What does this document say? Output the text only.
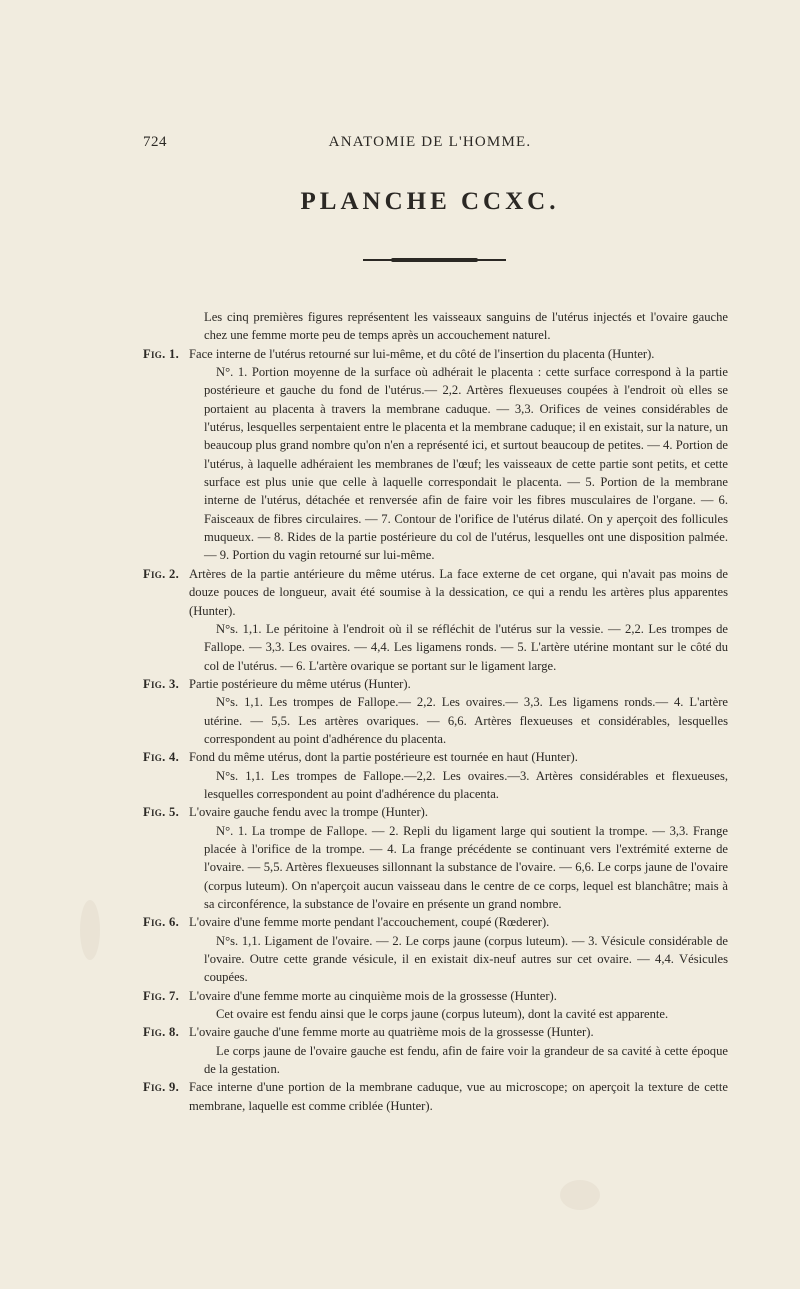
724	ANATOMIE DE L'HOMME.
PLANCHE CCXC.
Les cinq premières figures représentent les vaisseaux sanguins de l'utérus injectés et l'ovaire gauche chez une femme morte peu de temps après un accouchement naturel.
Fig. 1. Face interne de l'utérus retourné sur lui-même, et du côté de l'insertion du placenta (Hunter).
N°. 1. Portion moyenne de la surface où adhérait le placenta : cette surface correspond à la partie postérieure et gauche du fond de l'utérus.— 2,2. Artères flexueuses coupées à l'endroit où elles se portaient au placenta à travers la membrane caduque. — 3,3. Orifices de veines considérables de l'utérus, lesquelles serpentaient entre le placenta et la membrane caduque; il en existait, sur la nature, un beaucoup plus grand nombre qu'on n'en a représenté ici, et surtout beaucoup de petites. — 4. Portion de l'utérus, à laquelle adhéraient les membranes de l'œuf; les vaisseaux de cette partie sont petits, et cette surface est plus unie que celle à laquelle correspondait le placenta. — 5. Portion de la membrane interne de l'utérus, détachée et renversée afin de faire voir les fibres musculaires de l'organe. — 6. Faisceaux de fibres circulaires. — 7. Contour de l'orifice de l'utérus dilaté. On y aperçoit des follicules muqueux. — 8. Rides de la partie postérieure du col de l'utérus, lesquelles ont une disposition palmée. — 9. Portion du vagin retourné sur lui-même.
Fig. 2. Artères de la partie antérieure du même utérus. La face externe de cet organe, qui n'avait pas moins de douze pouces de longueur, avait été soumise à la dessication, ce qui a rendu les artères plus apparentes (Hunter).
N°s. 1,1. Le péritoine à l'endroit où il se réfléchit de l'utérus sur la vessie. — 2,2. Les trompes de Fallope. — 3,3. Les ovaires. — 4,4. Les ligamens ronds. — 5. L'artère utérine montant sur le côté du col de l'utérus. — 6. L'artère ovarique se portant sur le ligament large.
Fig. 3. Partie postérieure du même utérus (Hunter).
N°s. 1,1. Les trompes de Fallope.— 2,2. Les ovaires.— 3,3. Les ligamens ronds.— 4. L'artère utérine. — 5,5. Les artères ovariques. — 6,6. Artères flexueuses et considérables, lesquelles correspondent au point d'adhérence du placenta.
Fig. 4. Fond du même utérus, dont la partie postérieure est tournée en haut (Hunter).
N°s. 1,1. Les trompes de Fallope.—2,2. Les ovaires.—3. Artères considérables et flexueuses, lesquelles correspondent au point d'adhérence du placenta.
Fig. 5. L'ovaire gauche fendu avec la trompe (Hunter).
N°. 1. La trompe de Fallope. — 2. Repli du ligament large qui soutient la trompe. — 3,3. Frange placée à l'orifice de la trompe. — 4. La frange précédente se continuant vers l'extrémité externe de l'ovaire. — 5,5. Artères flexueuses sillonnant la substance de l'ovaire. — 6,6. Le corps jaune de l'ovaire (corpus luteum). On n'aperçoit aucun vaisseau dans le centre de ce corps, lequel est blanchâtre; mais à sa circonférence, la substance de l'ovaire en présente un grand nombre.
Fig. 6. L'ovaire d'une femme morte pendant l'accouchement, coupé (Rœderer).
N°s. 1,1. Ligament de l'ovaire. — 2. Le corps jaune (corpus luteum). — 3. Vésicule considérable de l'ovaire. Outre cette grande vésicule, il en existait dix-neuf autres sur cet ovaire. — 4,4. Vésicules coupées.
Fig. 7. L'ovaire d'une femme morte au cinquième mois de la grossesse (Hunter).
Cet ovaire est fendu ainsi que le corps jaune (corpus luteum), dont la cavité est apparente.
Fig. 8. L'ovaire gauche d'une femme morte au quatrième mois de la grossesse (Hunter).
Le corps jaune de l'ovaire gauche est fendu, afin de faire voir la grandeur de sa cavité à cette époque de la gestation.
Fig. 9. Face interne d'une portion de la membrane caduque, vue au microscope; on aperçoit la texture de cette membrane, laquelle est comme criblée (Hunter).
